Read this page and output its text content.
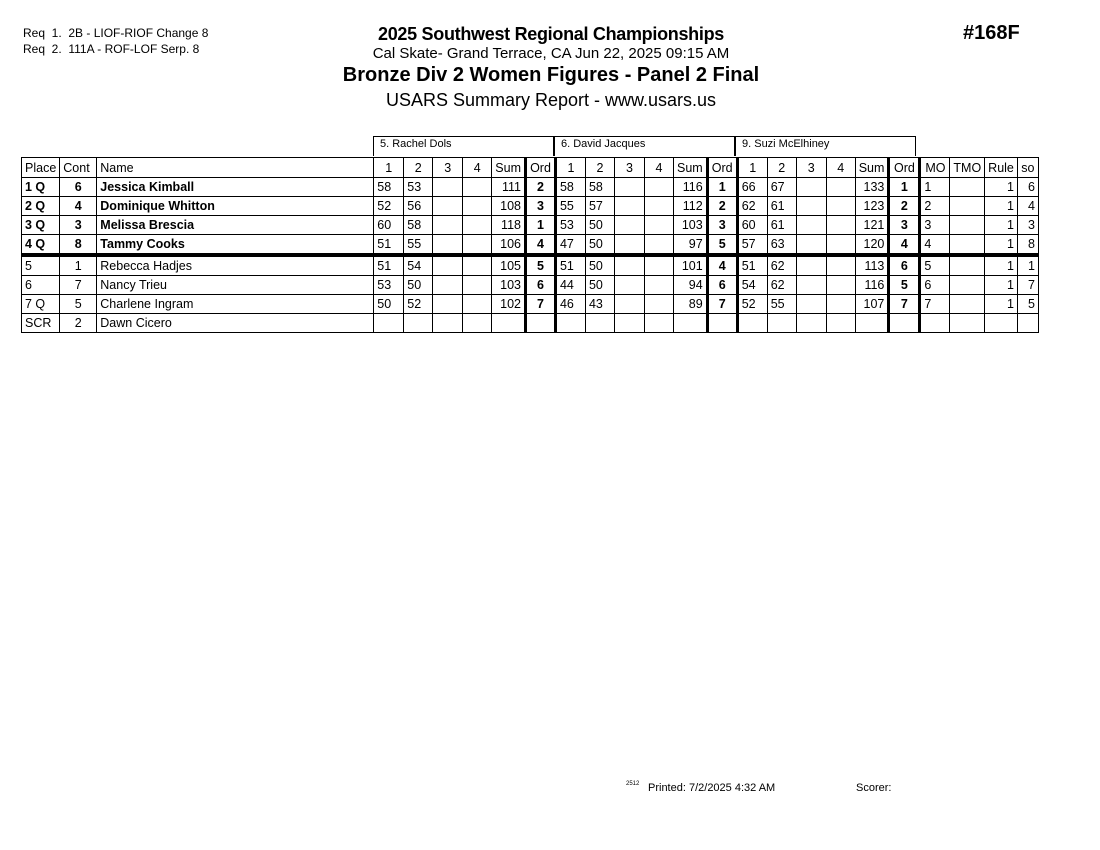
Req  1.  2B - LIOF-RIOF Change 8
Req  2.  111A - ROF-LOF Serp. 8
2025 Southwest Regional Championships
Cal Skate- Grand Terrace, CA Jun 22, 2025 09:15 AM
Bronze Div 2 Women Figures - Panel 2 Final
USARS Summary Report - www.usars.us
#168F
5. Rachel Dols	6. David Jacques	9. Suzi McElhiney
Place	Cont	Name	1	2	3	4	Sum	Ord	1	2	3	4	Sum	Ord	1	2	3	4	Sum	Ord	MO	TMO	Rule	so
1 Q	6	Jessica Kimball	58	53			111	2	58	58			116	1	66	67			133	1	1		1	6
2 Q	4	Dominique Whitton	52	56			108	3	55	57			112	2	62	61			123	2	2		1	4
3 Q	3	Melissa Brescia	60	58			118	1	53	50			103	3	60	61			121	3	3		1	3
4 Q	8	Tammy Cooks	51	55			106	4	47	50			97	5	57	63			120	4	4		1	8
5	1	Rebecca Hadjes	51	54			105	5	51	50			101	4	51	62			113	6	5		1	1
6	7	Nancy Trieu	53	50			103	6	44	50			94	6	54	62			116	5	6		1	7
7 Q	5	Charlene Ingram	50	52			102	7	46	43			89	7	52	55			107	7	7		1	5
SCR	2	Dawn Cicero																						
2512 Printed: 7/2/2025 4:32 AM	Scorer:
